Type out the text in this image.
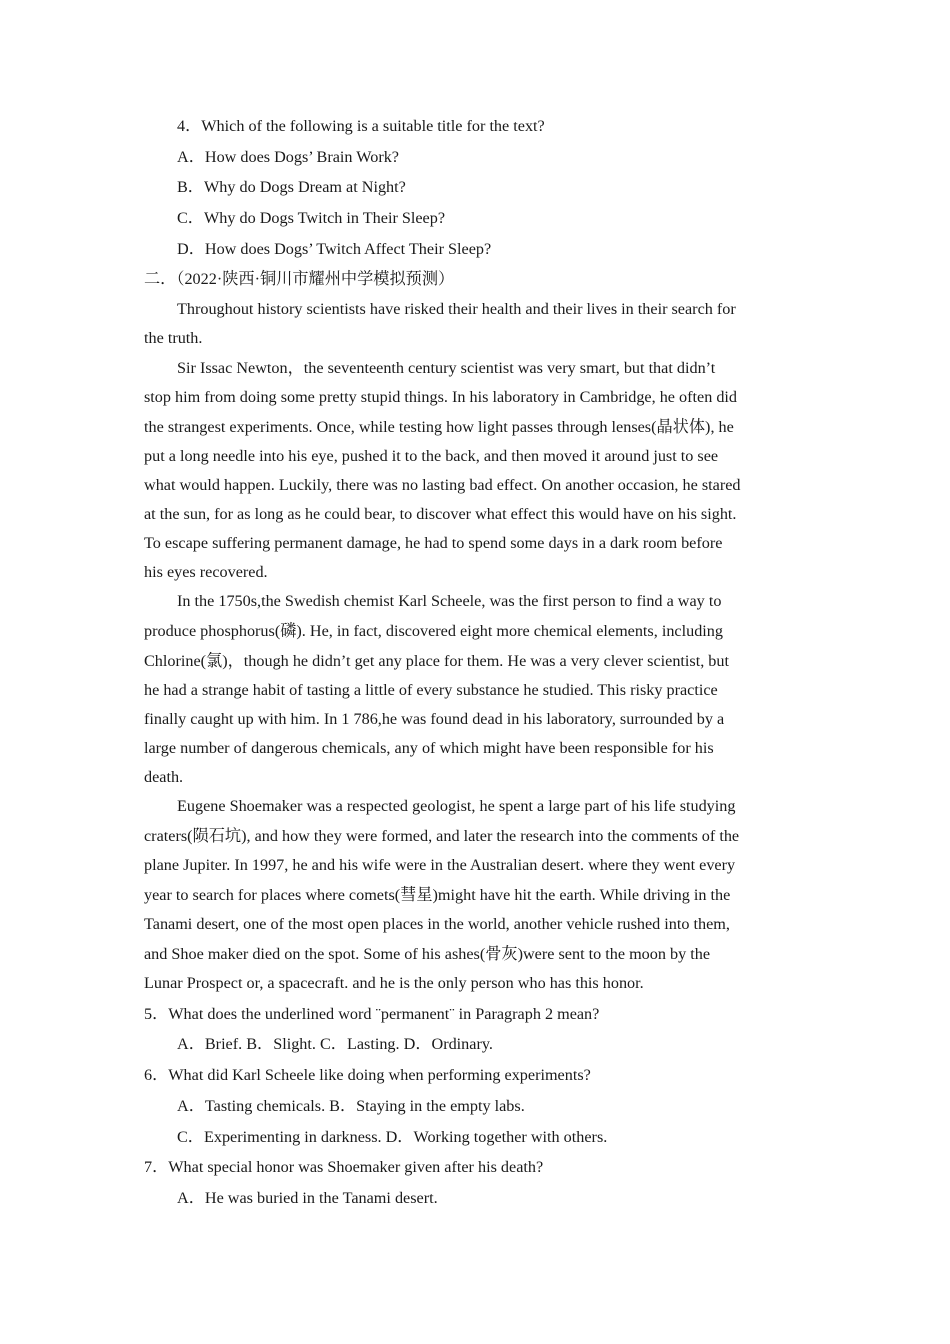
4．Which of the following is a suitable title for the text?
A．How does Dogs’ Brain Work?
B．Why do Dogs Dream at Night?
C．Why do Dogs Twitch in Their Sleep?
D．How does Dogs’ Twitch Affect Their Sleep?
二．（2022·陕西·铜川市耀州中学模拟预测）
Throughout history scientists have risked their health and their lives in their search for
the truth.
Sir Issac Newton，the seventeenth century scientist was very smart, but that didn’t
stop him from doing some pretty stupid things. In his laboratory in Cambridge, he often did
the strangest experiments. Once, while testing how light passes through lenses(晶状体), he
put a long needle into his eye, pushed it to the back, and then moved it around just to see
what would happen. Luckily, there was no lasting bad effect. On another occasion, he stared
at the sun, for as long as he could bear, to discover what effect this would have on his sight.
To escape suffering permanent damage, he had to spend some days in a dark room before
his eyes recovered.
In the 1750s,the Swedish chemist Karl Scheele, was the first person to find a way to
produce phosphorus(磷). He, in fact, discovered eight more chemical elements, including
Chlorine(氯)，though he didn’t get any place for them. He was a very clever scientist, but
he had a strange habit of tasting a little of every substance he studied. This risky practice
finally caught up with him. In 1 786,he was found dead in his laboratory, surrounded by a
large number of dangerous chemicals, any of which might have been responsible for his
death.
Eugene Shoemaker was a respected geologist, he spent a large part of his life studying
craters(陨石坑), and how they were formed, and later the research into the comments of the
plane Jupiter. In 1997, he and his wife were in the Australian desert. where they went every
year to search for places where comets(彗星)might have hit the earth. While driving in the
Tanami desert, one of the most open places in the world, another vehicle rushed into them,
and Shoe maker died on the spot. Some of his ashes(骨灰)were sent to the moon by the
Lunar Prospect or, a spacecraft. and he is the only person who has this honor.
5．What does the underlined word ¨permanent¨ in Paragraph 2 mean?
A．Brief. B．Slight. C．Lasting. D．Ordinary.
6．What did Karl Scheele like doing when performing experiments?
A．Tasting chemicals. B．Staying in the empty labs.
C．Experimenting in darkness. D．Working together with others.
7．What special honor was Shoemaker given after his death?
A．He was buried in the Tanami desert.
